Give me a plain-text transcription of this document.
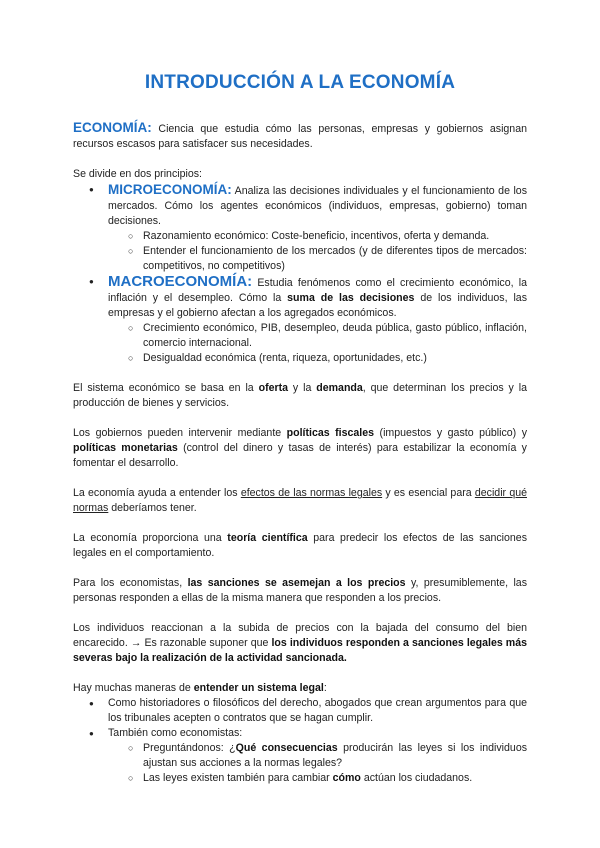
INTRODUCCIÓN A LA ECONOMÍA

ECONOMÍA: Ciencia que estudia cómo las personas, empresas y gobiernos asignan recursos escasos para satisfacer sus necesidades.

Se divide en dos principios:

● MICROECONOMÍA: Analiza las decisiones individuales y el funcionamiento de los mercados. Cómo los agentes económicos (individuos, empresas, gobierno) toman decisiones.
○ Razonamiento económico: Coste-beneficio, incentivos, oferta y demanda.
○ Entender el funcionamiento de los mercados (y de diferentes tipos de mercados: competitivos, no competitivos)
● MACROECONOMÍA: Estudia fenómenos como el crecimiento económico, la inflación y el desempleo. Cómo la suma de las decisiones de los individuos, las empresas y el gobierno afectan a los agregados económicos.
○ Crecimiento económico, PIB, desempleo, deuda pública, gasto público, inflación, comercio internacional.
○ Desigualdad económica (renta, riqueza, oportunidades, etc.)

El sistema económico se basa en la oferta y la demanda, que determinan los precios y la producción de bienes y servicios.

Los gobiernos pueden intervenir mediante políticas fiscales (impuestos y gasto público) y políticas monetarias (control del dinero y tasas de interés) para estabilizar la economía y fomentar el desarrollo.

La economía ayuda a entender los efectos de las normas legales y es esencial para decidir qué normas deberíamos tener.

La economía proporciona una teoría científica para predecir los efectos de las sanciones legales en el comportamiento.

Para los economistas, las sanciones se asemejan a los precios y, presumiblemente, las personas responden a ellas de la misma manera que responden a los precios.

Los individuos reaccionan a la subida de precios con la bajada del consumo del bien encarecido. → Es razonable suponer que los individuos responden a sanciones legales más severas bajo la realización de la actividad sancionada.

Hay muchas maneras de entender un sistema legal:

● Como historiadores o filosóficos del derecho, abogados que crean argumentos para que los tribunales acepten o contratos que se hagan cumplir.
● También como economistas:
○ Preguntándonos: ¿Qué consecuencias producirán las leyes si los individuos ajustan sus acciones a la normas legales?
○ Las leyes existen también para cambiar cómo actúan los ciudadanos.
